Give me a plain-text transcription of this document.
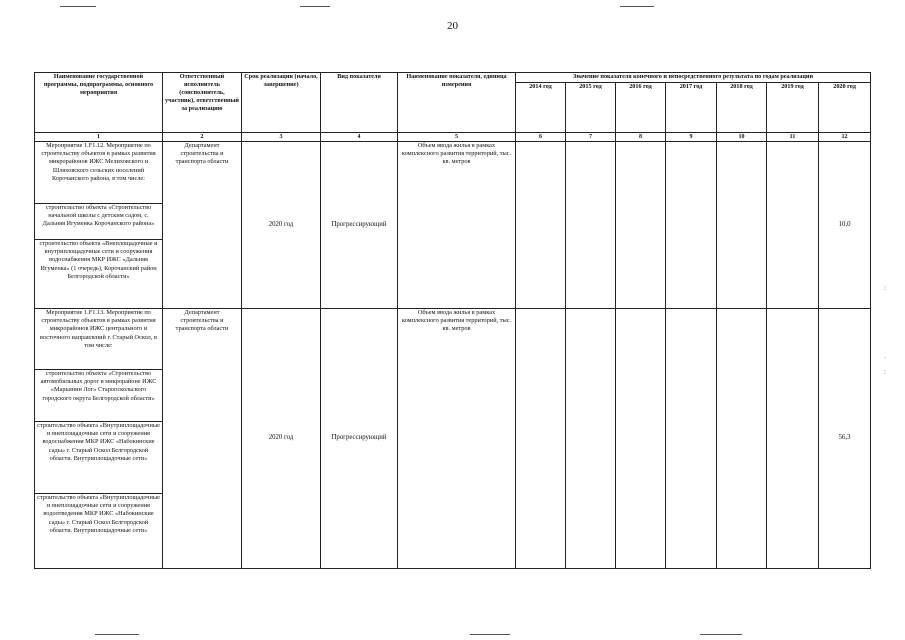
20
Наименование государственной программы, подпрограммы, основного мероприятия	Ответственный исполнитель (соисполнитель, участник), ответственный за реализацию	Срок реализации (начало, завершение)	Вид показателя	Наименование показателя, единица измерения	Значение показателя конечного и непосредственного результата по годам реализации						
					2014 год	2015 год	2016 год	2017 год	2018 год	2019 год	2020 год
1	2	3	4	5	6	7	8	9	10	11	12
Мероприятие 1.F1.12. Мероприятие по строительству объектов в рамках развития микрорайонов ИЖС Мелиховского и Шляховского сельских поселений Корочанского района, в том числе:	Департамент строительства и транспорта области	2020 год	Прогрессирующий	Объем ввода жилья в рамках комплексного развития территорий, тыс. кв. метров							10,0
строительство объекта «Строительство начальной школы с детским садом, с. Дальняя Игуменка Корочанского района»											
строительство объекта «Внеплощадочные и внутриплощадочные сети и сооружения водоснабжения МКР ИЖС «Дальняя Игуменка» (1 очередь), Корочанский район Белгородской области»											
Мероприятие 1.F1.13. Мероприятие по строительству объектов в рамках развития микрорайонов ИЖС центрального и восточного направлений г. Старый Оскол, в том числе:	Департамент строительства и транспорта области	2020 год	Прогрессирующий	Объем ввода жилья в рамках комплексного развития территорий, тыс. кв. метров							56,3
строительство объекта «Строительство автомобильных дорог в микрорайоне ИЖС «Марьинин Лог» Старооскольского городского округа Белгородской области»											
строительство объекта «Внутриплощадочные и внеплощадочные сети и сооружения водоснабжения МКР ИЖС «Набокинские сады» г. Старый Оскол Белгородской области. Внутриплощадочные сети»											
строительство объекта «Внутриплощадочные и внеплощадочные сети и сооружения водоотведения МКР ИЖС «Набокинские сады» г. Старый Оскол Белгородской области. Внутриплощадочные сети»											
:
·
:
